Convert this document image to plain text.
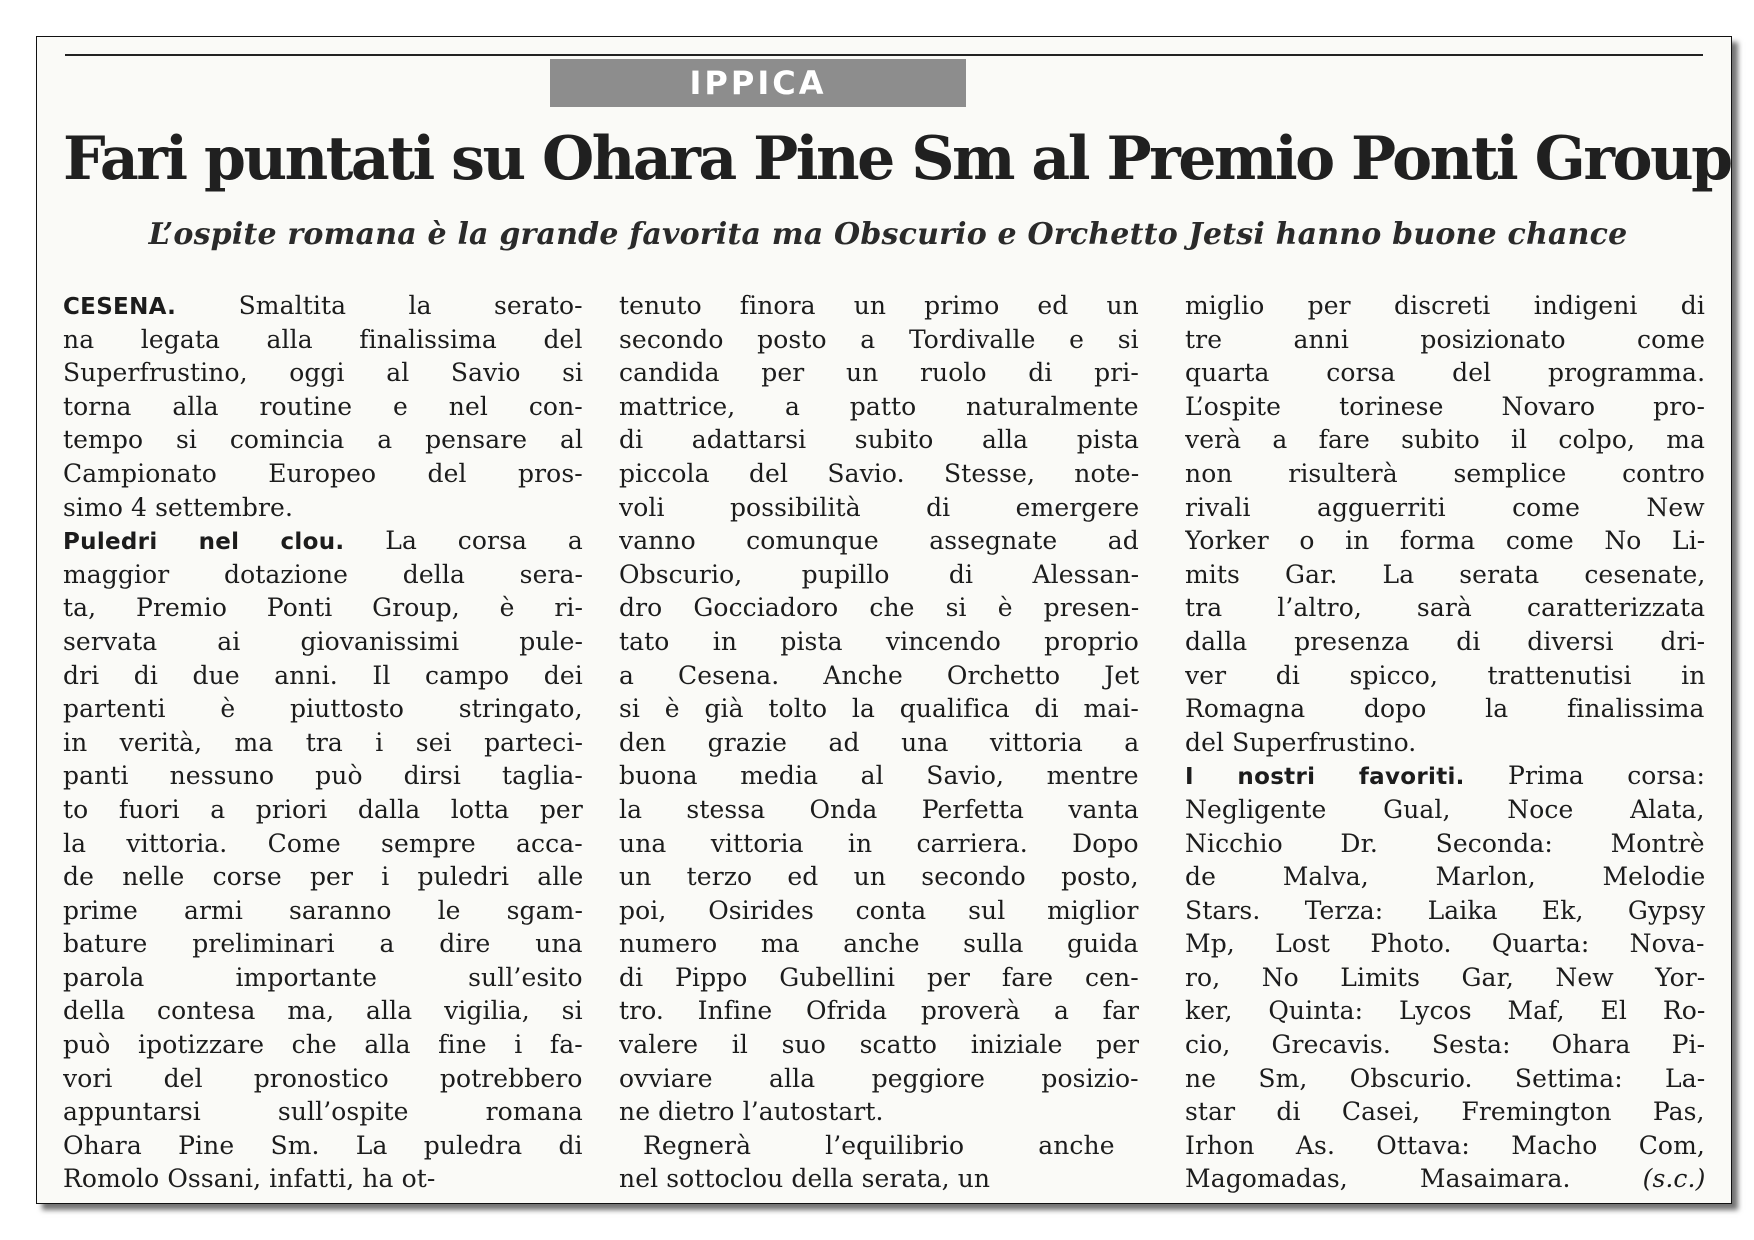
IPPICA
Fari puntati su Ohara Pine Sm al Premio Ponti Group
L’ospite romana è la grande favorita ma Obscurio e Orchetto Jetsi hanno buone chance
CESENA. Smaltita la serato-
na legata alla finalissima del
Superfrustino, oggi al Savio si
torna alla routine e nel con-
tempo si comincia a pensare al
Campionato Europeo del pros-
simo 4 settembre.
Puledri nel clou. La corsa a
maggior dotazione della sera-
ta, Premio Ponti Group, è ri-
servata ai giovanissimi pule-
dri di due anni. Il campo dei
partenti è piuttosto stringato,
in verità, ma tra i sei parteci-
panti nessuno può dirsi taglia-
to fuori a priori dalla lotta per
la vittoria. Come sempre acca-
de nelle corse per i puledri alle
prime armi saranno le sgam-
bature preliminari a dire una
parola importante sull’esito
della contesa ma, alla vigilia, si
può ipotizzare che alla fine i fa-
vori del pronostico potrebbero
appuntarsi sull’ospite romana
Ohara Pine Sm. La puledra di
Romolo Ossani, infatti, ha ot-
tenuto finora un primo ed un
secondo posto a Tordivalle e si
candida per un ruolo di pri-
mattrice, a patto naturalmente
di adattarsi subito alla pista
piccola del Savio. Stesse, note-
voli possibilità di emergere
vanno comunque assegnate ad
Obscurio, pupillo di Alessan-
dro Gocciadoro che si è presen-
tato in pista vincendo proprio
a Cesena. Anche Orchetto Jet
si è già tolto la qualifica di mai-
den grazie ad una vittoria a
buona media al Savio, mentre
la stessa Onda Perfetta vanta
una vittoria in carriera. Dopo
un terzo ed un secondo posto,
poi, Osirides conta sul miglior
numero ma anche sulla guida
di Pippo Gubellini per fare cen-
tro. Infine Ofrida proverà a far
valere il suo scatto iniziale per
ovviare alla peggiore posizio-
ne dietro l’autostart.
Regnerà l’equilibrio anche
nel sottoclou della serata, un
miglio per discreti indigeni di
tre anni posizionato come
quarta corsa del programma.
L’ospite torinese Novaro pro-
verà a fare subito il colpo, ma
non risulterà semplice contro
rivali agguerriti come New
Yorker o in forma come No Li-
mits Gar. La serata cesenate,
tra l’altro, sarà caratterizzata
dalla presenza di diversi dri-
ver di spicco, trattenutisi in
Romagna dopo la finalissima
del Superfrustino.
I nostri favoriti. Prima corsa:
Negligente Gual, Noce Alata,
Nicchio Dr. Seconda: Montrè
de Malva, Marlon, Melodie
Stars. Terza: Laika Ek, Gypsy
Mp, Lost Photo. Quarta: Nova-
ro, No Limits Gar, New Yor-
ker, Quinta: Lycos Maf, El Ro-
cio, Grecavis. Sesta: Ohara Pi-
ne Sm, Obscurio. Settima: La-
star di Casei, Fremington Pas,
Irhon As. Ottava: Macho Com,
Magomadas, Masaimara. (s.c.)
